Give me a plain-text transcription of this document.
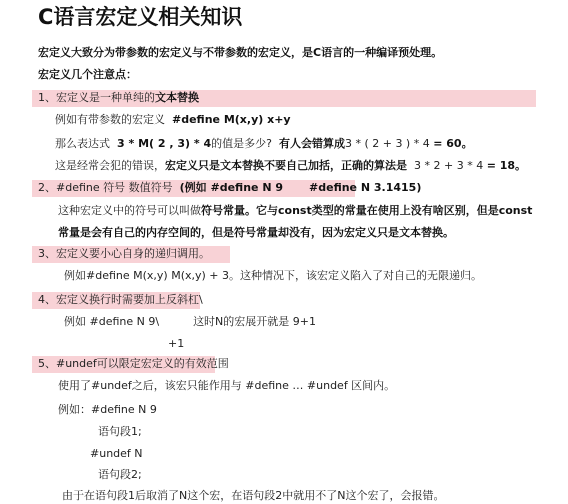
C语言宏定义相关知识
宏定义大致分为带参数的宏定义与不带参数的宏定义，是C语言的一种编译预处理。
宏定义几个注意点：
1、宏定义是一种单纯的文本替换
例如有带参数的宏定义 #define M(x,y) x+y
那么表达式 3 * M( 2 , 3) * 4的值是多少? 有人会错算成3 * ( 2 + 3 ) * 4 = 60。
这是经常会犯的错误，宏定义只是文本替换不要自己加括，正确的算法是 3 * 2 + 3 * 4 = 18。
2、#define 符号 数值符号 (例如 #define N 9 #define N 3.1415)
这种宏定义中的符号可以叫做符号常量。它与const类型的常量在使用上没有啥区别，但是const
常量是会有自己的内存空间的，但是符号常量却没有，因为宏定义只是文本替换。
3、宏定义要小心自身的递归调用。
例如#define M(x,y) M(x,y) + 3。这种情况下，该宏定义陷入了对自己的无限递归。
4、宏定义换行时需要加上反斜杠\
例如 #define N 9\	这时N的宏展开就是 9+1
+1
5、#undef可以限定宏定义的有效范围
使用了#undef之后，该宏只能作用与 #define … #undef 区间内。
例如：#define N 9
语句段1;
#undef N
语句段2;
由于在语句段1后取消了N这个宏，在语句段2中就用不了N这个宏了，会报错。
